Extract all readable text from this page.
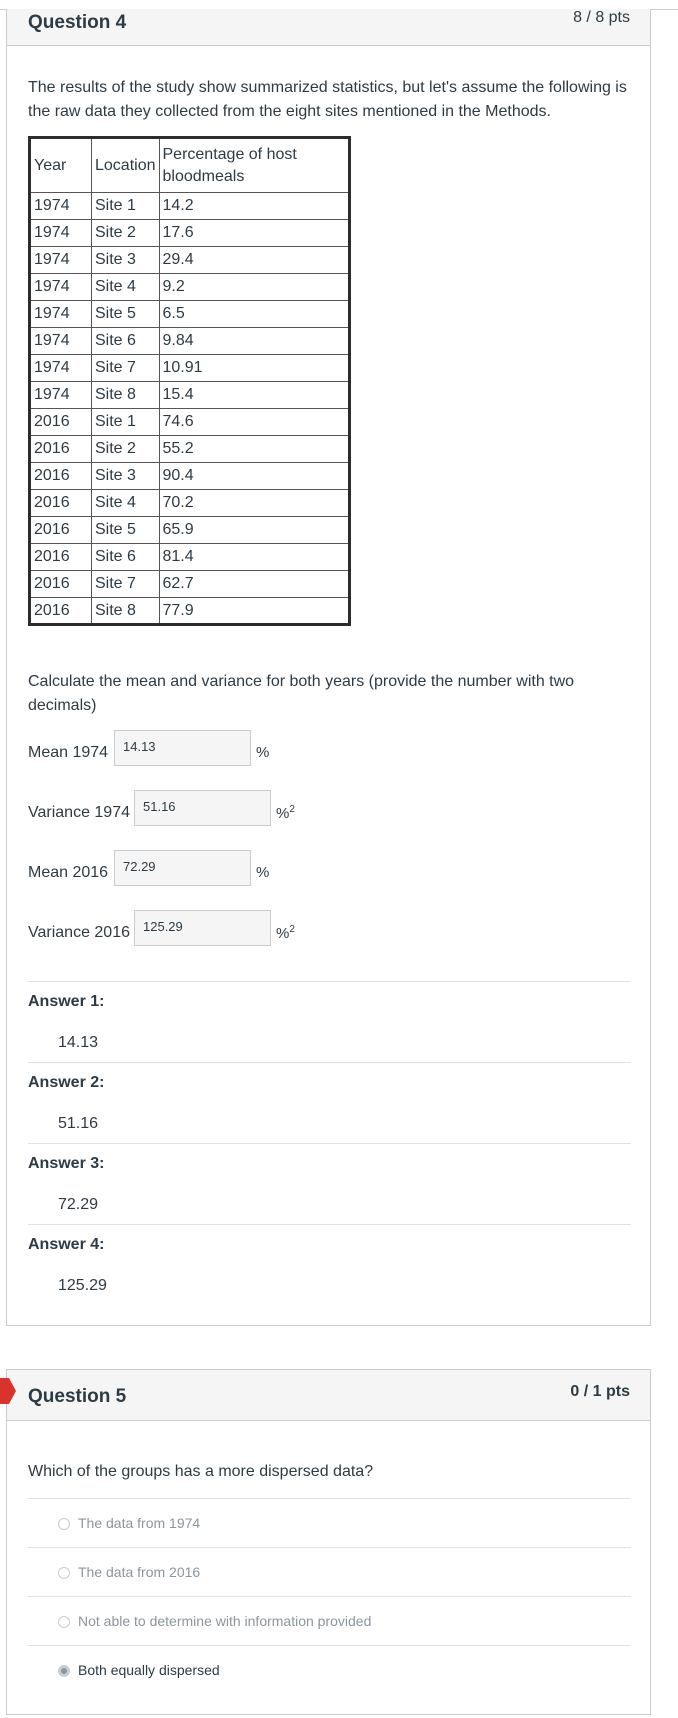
Question 4	8 / 8 pts
The results of the study show summarized statistics, but let's assume the following is the raw data they collected from the eight sites mentioned in the Methods.
Year	Location	Percentage of host bloodmeals
1974	Site 1	14.2
1974	Site 2	17.6
1974	Site 3	29.4
1974	Site 4	9.2
1974	Site 5	6.5
1974	Site 6	9.84
1974	Site 7	10.91
1974	Site 8	15.4
2016	Site 1	74.6
2016	Site 2	55.2
2016	Site 3	90.4
2016	Site 4	70.2
2016	Site 5	65.9
2016	Site 6	81.4
2016	Site 7	62.7
2016	Site 8	77.9
Calculate the mean and variance for both years (provide the number with two decimals)
Mean 1974	14.13	%
Variance 1974	51.16	%$^2$
Mean 2016	72.29	%
Variance 2016	125.29	%$^2$
Answer 1:
14.13
Answer 2:
51.16
Answer 3:
72.29
Answer 4:
125.29
Question 5	0 / 1 pts
Which of the groups has a more dispersed data?
The data from 1974
The data from 2016
Not able to determine with information provided
Both equally dispersed
